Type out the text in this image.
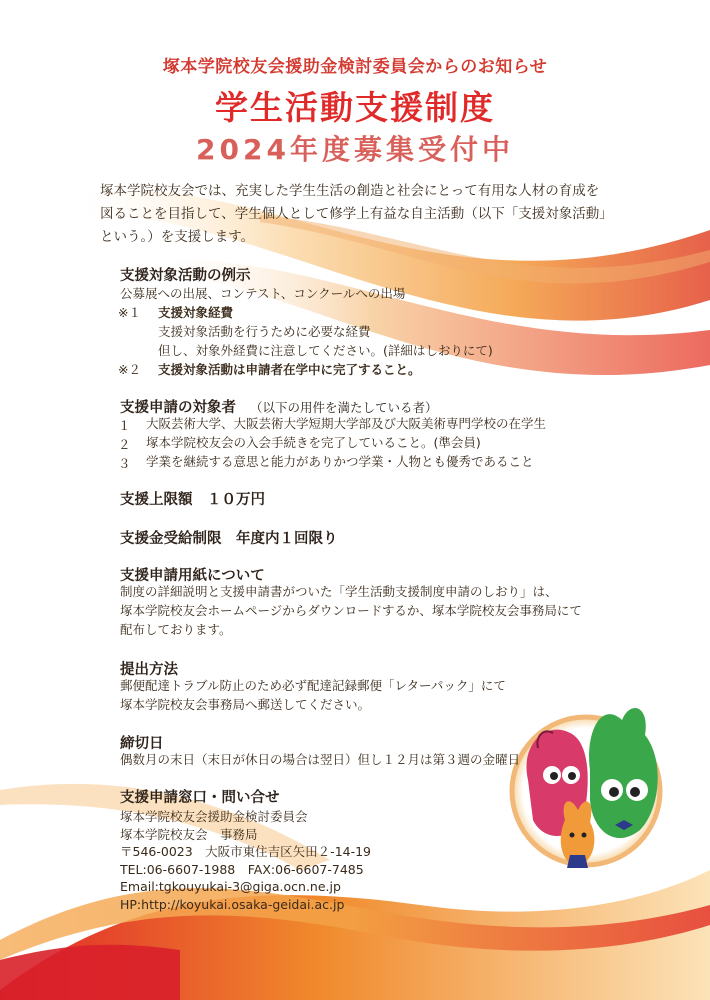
塚本学院校友会援助金検討委員会からのお知らせ
学生活動支援制度
2024年度募集受付中

塚本学院校友会では、充実した学生生活の創造と社会にとって有用な人材の育成を

図ることを目指して、学生個人として修学上有益な自主活動（以下「支援対象活動」

という。）を支援します。

支援対象活動の例示
公募展への出展、コンテスト、コンクールへの出場
※１ 支援対象経費
支援対象活動を行うために必要な経費
但し、対象外経費に注意してください。(詳細はしおりにて)
※２ 支援対象活動は申請者在学中に完了すること。
支援申請の対象者 （以下の用件を満たしている者）
１ 大阪芸術大学、大阪芸術大学短期大学部及び大阪美術専門学校の在学生
２ 塚本学院校友会の入会手続きを完了していること。(準会員)
３ 学業を継続する意思と能力がありかつ学業・人物とも優秀であること
支援上限額　１０万円
支援金受給制限　年度内１回限り
支援申請用紙について
制度の詳細説明と支援申請書がついた「学生活動支援制度申請のしおり」は、
塚本学院校友会ホームページからダウンロードするか、塚本学院校友会事務局にて
配布しております。
提出方法
郵便配達トラブル防止のため必ず配達記録郵便「レターパック」にて
塚本学院校友会事務局へ郵送してください。
締切日
偶数月の末日（末日が休日の場合は翌日）但し１２月は第３週の金曜日
支援申請窓口・問い合せ
塚本学院校友会援助金検討委員会
塚本学院校友会　事務局
〒546-0023　大阪市東住吉区矢田２-14-19
TEL:06-6607-1988　FAX:06-6607-7485
Email:tgkouyukai-3@giga.ocn.ne.jp
HP:http://koyukai.osaka-geidai.ac.jp
